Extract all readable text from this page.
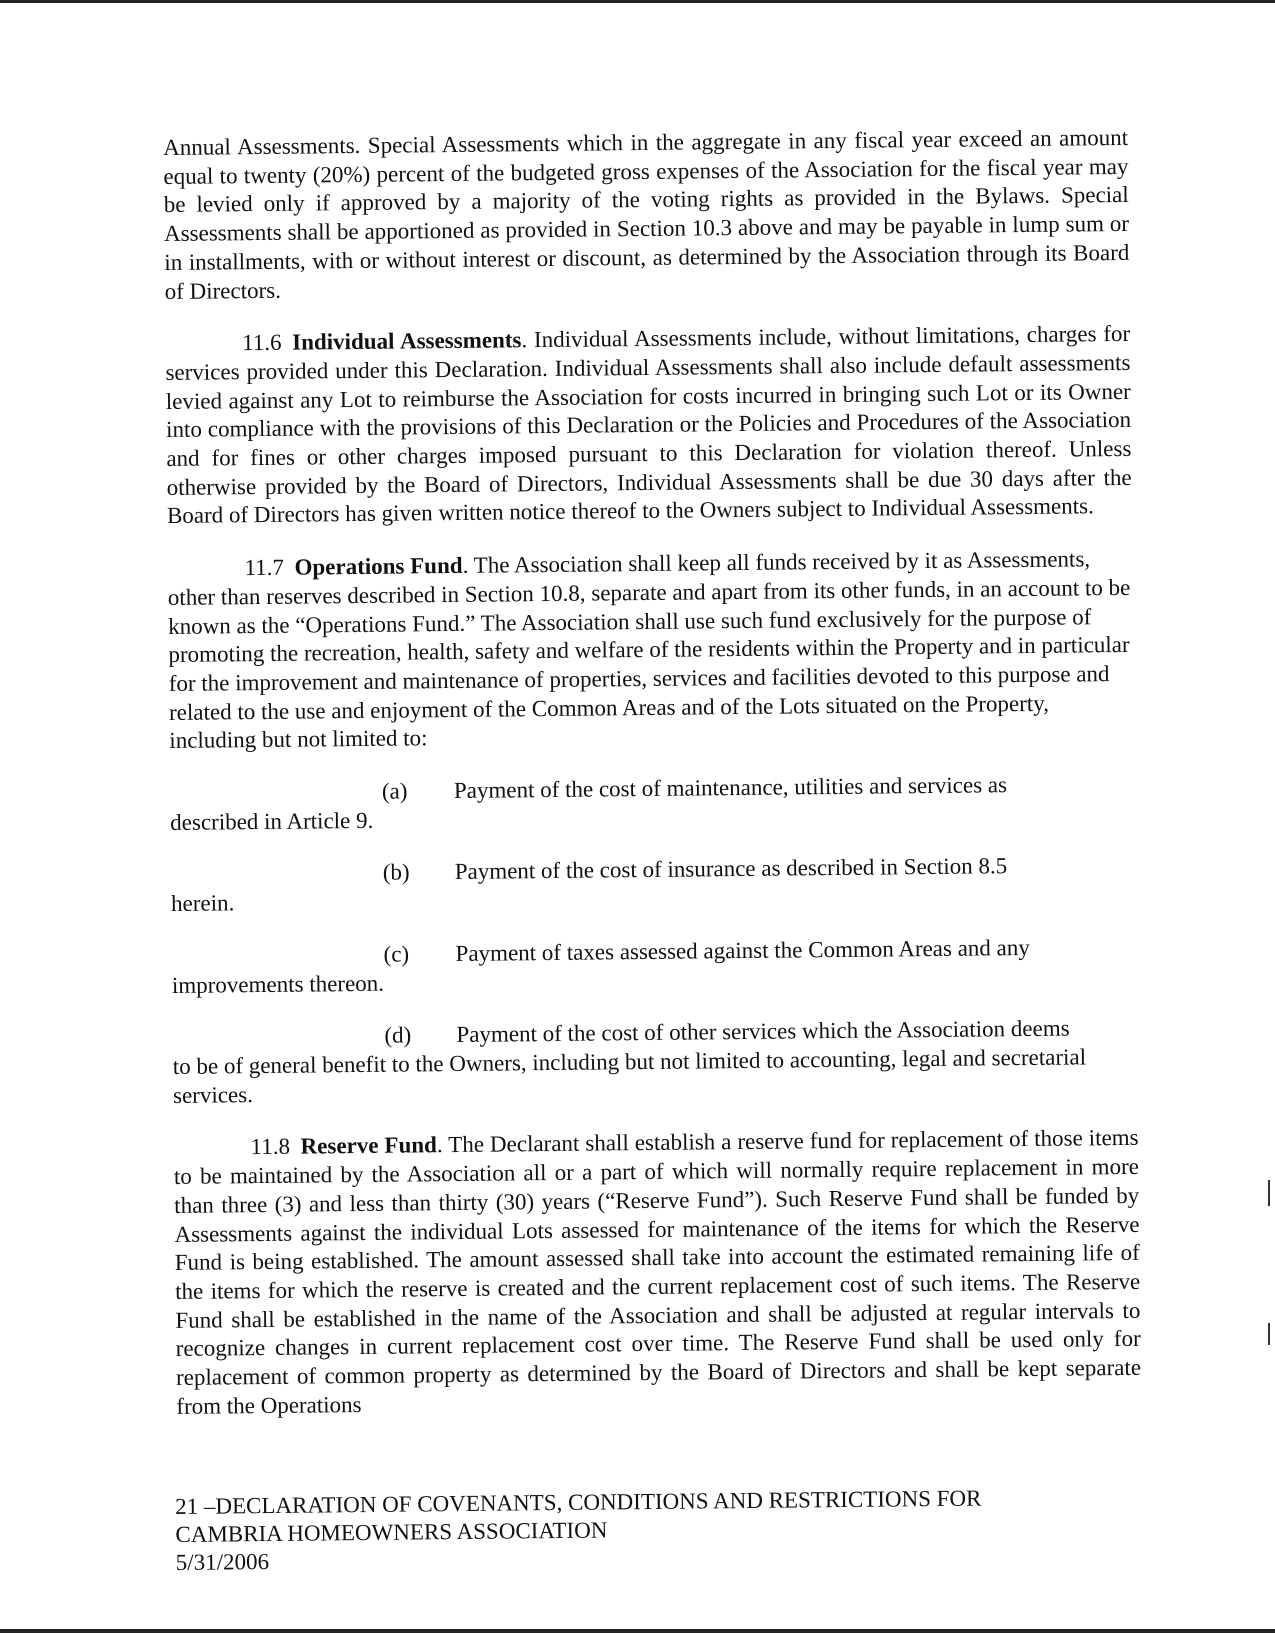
Annual Assessments. Special Assessments which in the aggregate in any fiscal year exceed an amount equal to twenty (20%) percent of the budgeted gross expenses of the Association for the fiscal year may be levied only if approved by a majority of the voting rights as provided in the Bylaws. Special Assessments shall be apportioned as provided in Section 10.3 above and may be payable in lump sum or in installments, with or without interest or discount, as determined by the Association through its Board of Directors.

11.6 Individual Assessments. Individual Assessments include, without limitations, charges for services provided under this Declaration. Individual Assessments shall also include default assessments levied against any Lot to reimburse the Association for costs incurred in bringing such Lot or its Owner into compliance with the provisions of this Declaration or the Policies and Procedures of the Association and for fines or other charges imposed pursuant to this Declaration for violation thereof. Unless otherwise provided by the Board of Directors, Individual Assessments shall be due 30 days after the Board of Directors has given written notice thereof to the Owners subject to Individual Assessments.

11.7 Operations Fund. The Association shall keep all funds received by it as Assessments, other than reserves described in Section 10.8, separate and apart from its other funds, in an account to be known as the “Operations Fund.” The Association shall use such fund exclusively for the purpose of promoting the recreation, health, safety and welfare of the residents within the Property and in particular for the improvement and maintenance of properties, services and facilities devoted to this purpose and related to the use and enjoyment of the Common Areas and of the Lots situated on the Property, including but not limited to:

(a) Payment of the cost of maintenance, utilities and services as
described in Article 9.
(b) Payment of the cost of insurance as described in Section 8.5
herein.
(c) Payment of taxes assessed against the Common Areas and any
improvements thereon.
(d) Payment of the cost of other services which the Association deems
to be of general benefit to the Owners, including but not limited to accounting, legal and secretarial services.

11.8 Reserve Fund. The Declarant shall establish a reserve fund for replacement of those items to be maintained by the Association all or a part of which will normally require replacement in more than three (3) and less than thirty (30) years (“Reserve Fund”). Such Reserve Fund shall be funded by Assessments against the individual Lots assessed for maintenance of the items for which the Reserve Fund is being established. The amount assessed shall take into account the estimated remaining life of the items for which the reserve is created and the current replacement cost of such items. The Reserve Fund shall be established in the name of the Association and shall be adjusted at regular intervals to recognize changes in current replacement cost over time. The Reserve Fund shall be used only for replacement of common property as determined by the Board of Directors and shall be kept separate from the Operations

21 –DECLARATION OF COVENANTS, CONDITIONS AND RESTRICTIONS FOR
CAMBRIA HOMEOWNERS ASSOCIATION
5/31/2006
